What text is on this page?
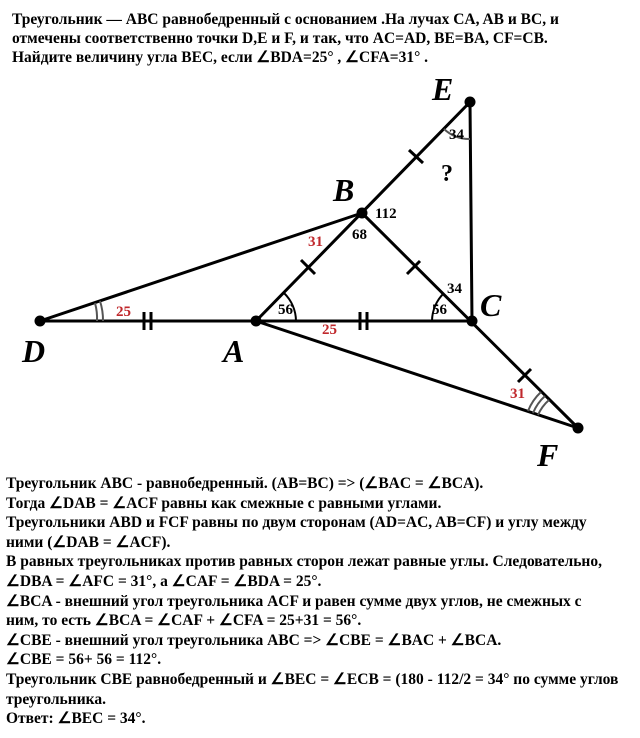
Треугольник — ABC равнобедренный с основанием .На лучах CA, AB и BC, и
отмечены соответственно точки D,E и F, и так, что AC=AD, BE=BA, CF=CB.
Найдите величину угла BEC, если ∠BDA=25° , ∠CFA=31° .
E
B
C
D	A
F
34
?
112
68
31
34
25	56	56
25
31
Треугольник ABC - равнобедренный. (AB=BC) => (∠BAC = ∠BCA).
Тогда ∠DAB = ∠ACF равны как смежные с равными углами.
Треугольники ABD и FCF равны по двум сторонам (AD=AC, AB=CF) и углу между
ними (∠DAB = ∠ACF).
В равных треугольниках против равных сторон лежат равные углы. Следовательно,
∠DBA = ∠AFC = 31°, а ∠CAF = ∠BDA = 25°.
∠BCA - внешний угол треугольника ACF и равен сумме двух углов, не смежных с
ним, то есть ∠BCA = ∠CAF + ∠CFA = 25+31 = 56°.
∠CBE - внешний угол треугольника ABC => ∠CBE = ∠BAC + ∠BCA.
∠CBE = 56+ 56 = 112°.
Треугольник CBE равнобедренный и ∠BEC = ∠ECB = (180 - 112/2 = 34° по сумме углов
треугольника.
Ответ: ∠BEC = 34°.
